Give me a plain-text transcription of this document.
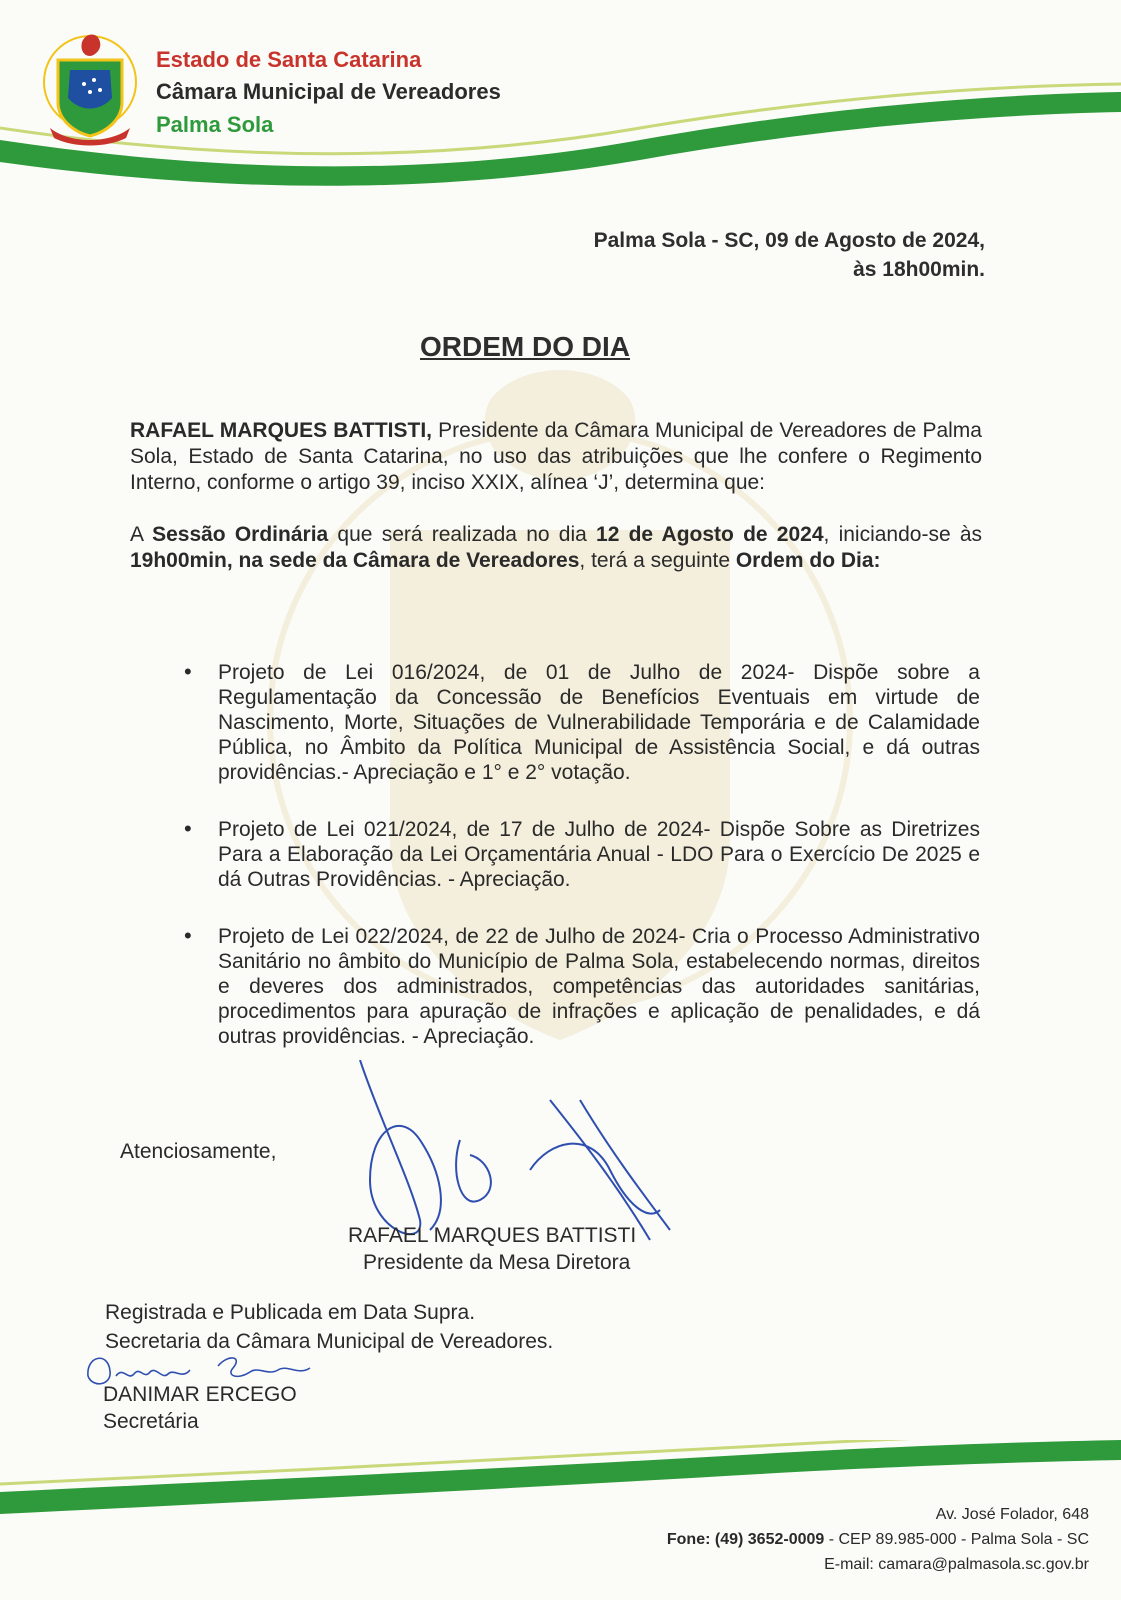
Estado de Santa Catarina
Câmara Municipal de Vereadores
Palma Sola
Palma Sola - SC, 09 de Agosto de 2024,
às 18h00min.
ORDEM DO DIA
RAFAEL MARQUES BATTISTI, Presidente da Câmara Municipal de Vereadores de Palma Sola, Estado de Santa Catarina, no uso das atribuições que lhe confere o Regimento Interno, conforme o artigo 39, inciso XXIX, alínea ‘J’, determina que:
A Sessão Ordinária que será realizada no dia 12 de Agosto de 2024, iniciando-se às 19h00min, na sede da Câmara de Vereadores, terá a seguinte Ordem do Dia:
• Projeto de Lei 016/2024, de 01 de Julho de 2024- Dispõe sobre a Regulamentação da Concessão de Benefícios Eventuais em virtude de Nascimento, Morte, Situações de Vulnerabilidade Temporária e de Calamidade Pública, no Âmbito da Política Municipal de Assistência Social, e dá outras providências.- Apreciação e 1° e 2° votação.
• Projeto de Lei 021/2024, de 17 de Julho de 2024- Dispõe Sobre as Diretrizes Para a Elaboração da Lei Orçamentária Anual - LDO Para o Exercício De 2025 e dá Outras Providências. - Apreciação.
• Projeto de Lei 022/2024, de 22 de Julho de 2024- Cria o Processo Administrativo Sanitário no âmbito do Município de Palma Sola, estabelecendo normas, direitos e deveres dos administrados, competências das autoridades sanitárias, procedimentos para apuração de infrações e aplicação de penalidades, e dá outras providências. - Apreciação.
Atenciosamente,
RAFAEL MARQUES BATTISTI
Presidente da Mesa Diretora
Registrada e Publicada em Data Supra.
Secretaria da Câmara Municipal de Vereadores.
DANIMAR ERCEGO
Secretária
Av. José Folador, 648
Fone: (49) 3652-0009 - CEP 89.985-000 - Palma Sola - SC
E-mail: camara@palmasola.sc.gov.br
